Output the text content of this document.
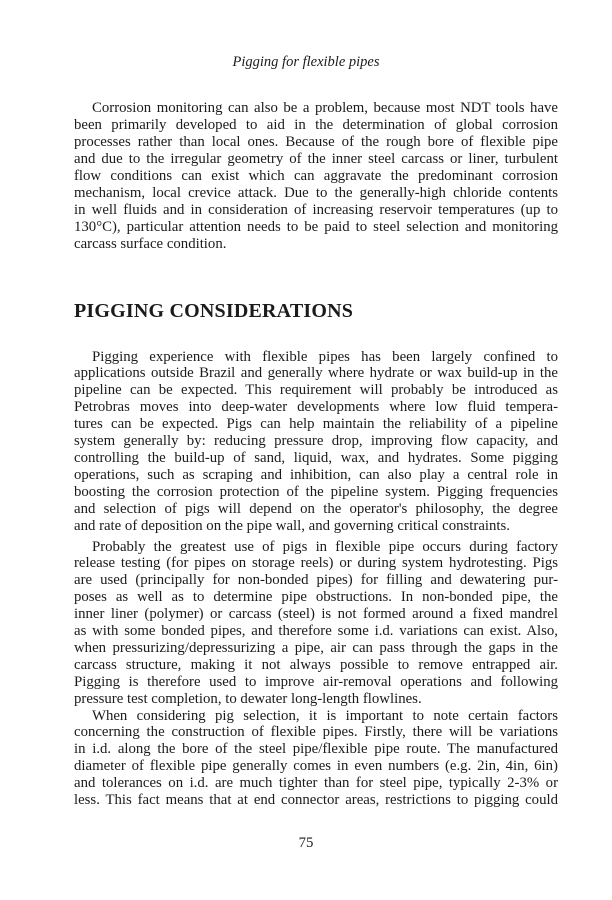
Pigging for flexible pipes
Corrosion monitoring can also be a problem, because most NDT tools have
been primarily developed to aid in the determination of global corrosion
processes rather than local ones. Because of the rough bore of flexible pipe
and due to the irregular geometry of the inner steel carcass or liner, turbulent
flow conditions can exist which can aggravate the predominant corrosion
mechanism, local crevice attack. Due to the generally-high chloride contents
in well fluids and in consideration of increasing reservoir temperatures (up to
130°C), particular attention needs to be paid to steel selection and monitoring
carcass surface condition.
PIGGING CONSIDERATIONS
Pigging experience with flexible pipes has been largely confined to
applications outside Brazil and generally where hydrate or wax build-up in the
pipeline can be expected. This requirement will probably be introduced as
Petrobras moves into deep-water developments where low fluid tempera-
tures can be expected. Pigs can help maintain the reliability of a pipeline
system generally by: reducing pressure drop, improving flow capacity, and
controlling the build-up of sand, liquid, wax, and hydrates. Some pigging
operations, such as scraping and inhibition, can also play a central role in
boosting the corrosion protection of the pipeline system. Pigging frequencies
and selection of pigs will depend on the operator's philosophy, the degree
and rate of deposition on the pipe wall, and governing critical constraints.
Probably the greatest use of pigs in flexible pipe occurs during factory
release testing (for pipes on storage reels) or during system hydrotesting. Pigs
are used (principally for non-bonded pipes) for filling and dewatering pur-
poses as well as to determine pipe obstructions. In non-bonded pipe, the
inner liner (polymer) or carcass (steel) is not formed around a fixed mandrel
as with some bonded pipes, and therefore some i.d. variations can exist. Also,
when pressurizing/depressurizing a pipe, air can pass through the gaps in the
carcass structure, making it not always possible to remove entrapped air.
Pigging is therefore used to improve air-removal operations and following
pressure test completion, to dewater long-length flowlines.
When considering pig selection, it is important to note certain factors
concerning the construction of flexible pipes. Firstly, there will be variations
in i.d. along the bore of the steel pipe/flexible pipe route. The manufactured
diameter of flexible pipe generally comes in even numbers (e.g. 2in, 4in, 6in)
and tolerances on i.d. are much tighter than for steel pipe, typically 2-3% or
less. This fact means that at end connector areas, restrictions to pigging could
75
